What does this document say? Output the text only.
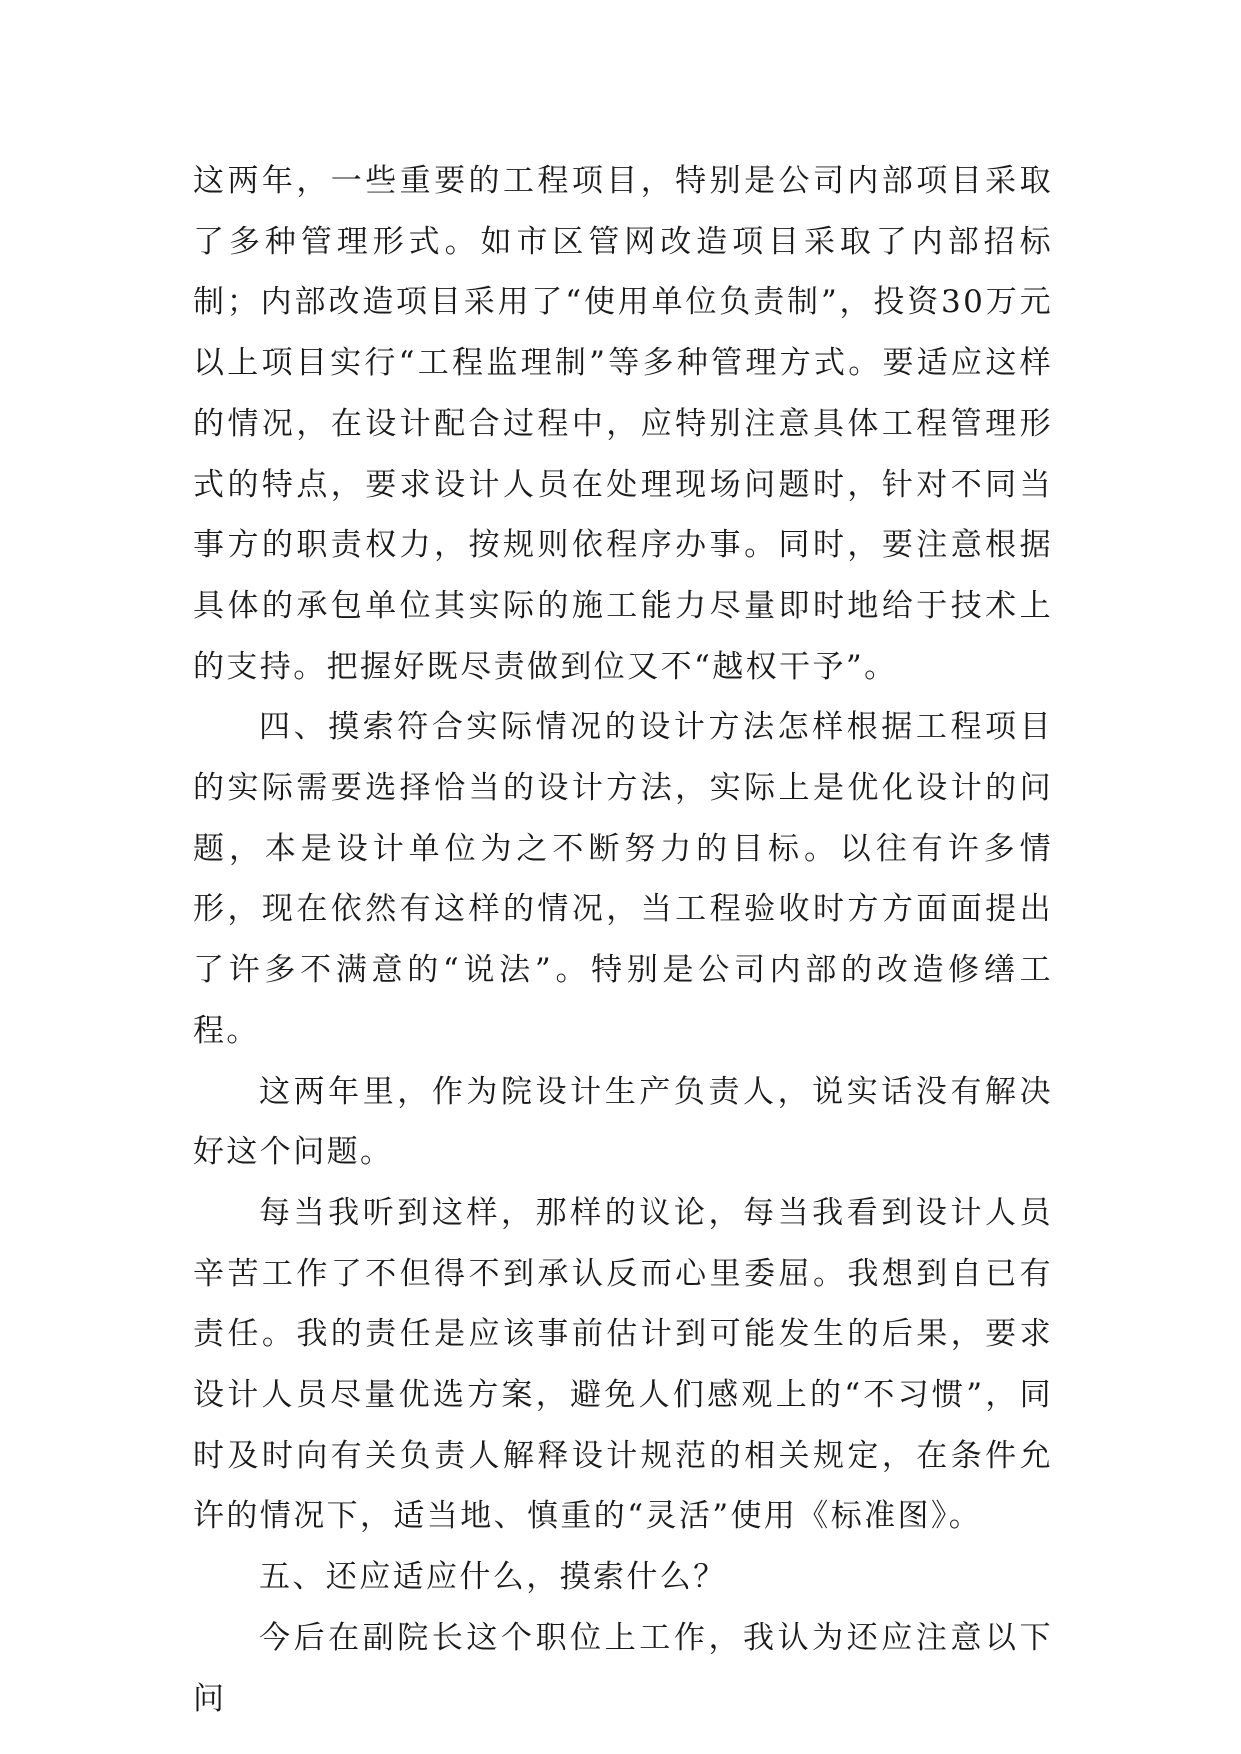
这两年，一些重要的工程项目，特别是公司内部项目采取了多种管理形式。如市区管网改造项目采取了内部招标制；内部改造项目采用了“使用单位负责制”，投资30万元以上项目实行“工程监理制”等多种管理方式。要适应这样的情况，在设计配合过程中，应特别注意具体工程管理形式的特点，要求设计人员在处理现场问题时，针对不同当事方的职责权力，按规则依程序办事。同时，要注意根据具体的承包单位其实际的施工能力尽量即时地给于技术上的支持。把握好既尽责做到位又不“越权干予”。

四、摸索符合实际情况的设计方法怎样根据工程项目的实际需要选择恰当的设计方法，实际上是优化设计的问题，本是设计单位为之不断努力的目标。以往有许多情形，现在依然有这样的情况，当工程验收时方方面面提出了许多不满意的“说法”。特别是公司内部的改造修缮工程。

这两年里，作为院设计生产负责人，说实话没有解决好这个问题。

每当我听到这样，那样的议论，每当我看到设计人员辛苦工作了不但得不到承认反而心里委屈。我想到自已有责任。我的责任是应该事前估计到可能发生的后果，要求设计人员尽量优选方案，避免人们感观上的“不习惯”，同时及时向有关负责人解释设计规范的相关规定，在条件允许的情况下，适当地、慎重的“灵活”使用《标准图》。

五、还应适应什么，摸索什么？

今后在副院长这个职位上工作，我认为还应注意以下问
